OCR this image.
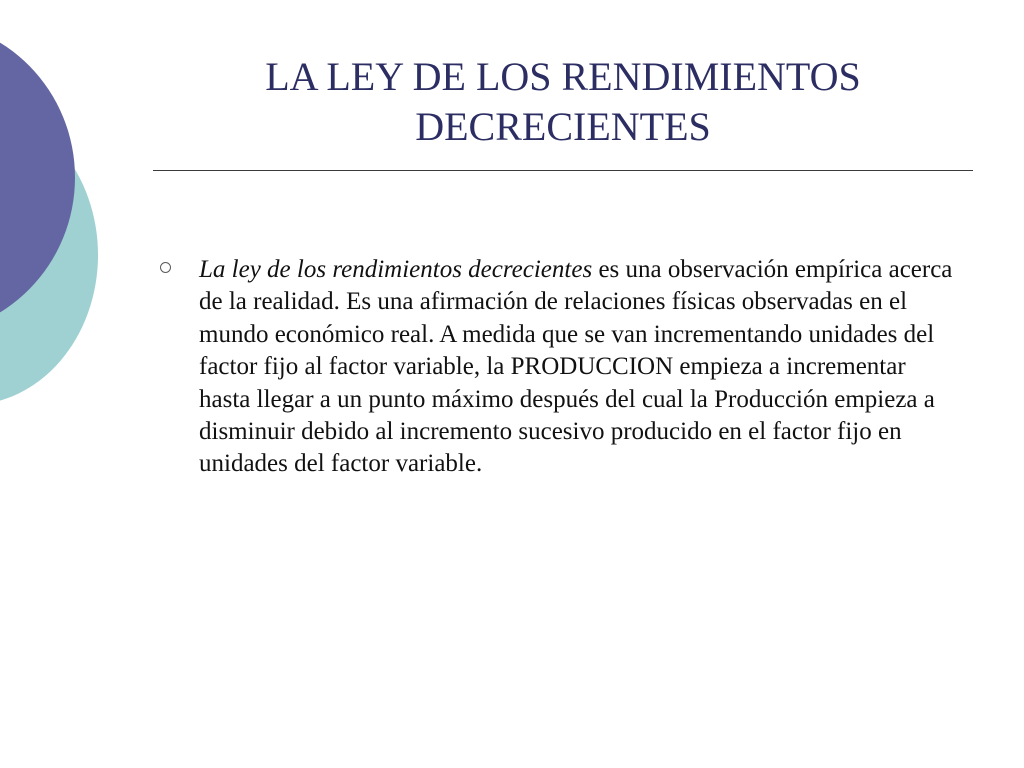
LA LEY DE LOS RENDIMIENTOS
DECRECIENTES

La ley de los rendimientos decrecientes es una observación empírica acerca de la realidad. Es una afirmación de relaciones físicas observadas en el mundo económico real. A medida que se van incrementando unidades del factor fijo al factor variable, la PRODUCCION empieza a incrementar hasta llegar a un punto máximo después del cual la Producción empieza a disminuir debido al incremento sucesivo producido en el factor fijo en unidades del factor variable.
